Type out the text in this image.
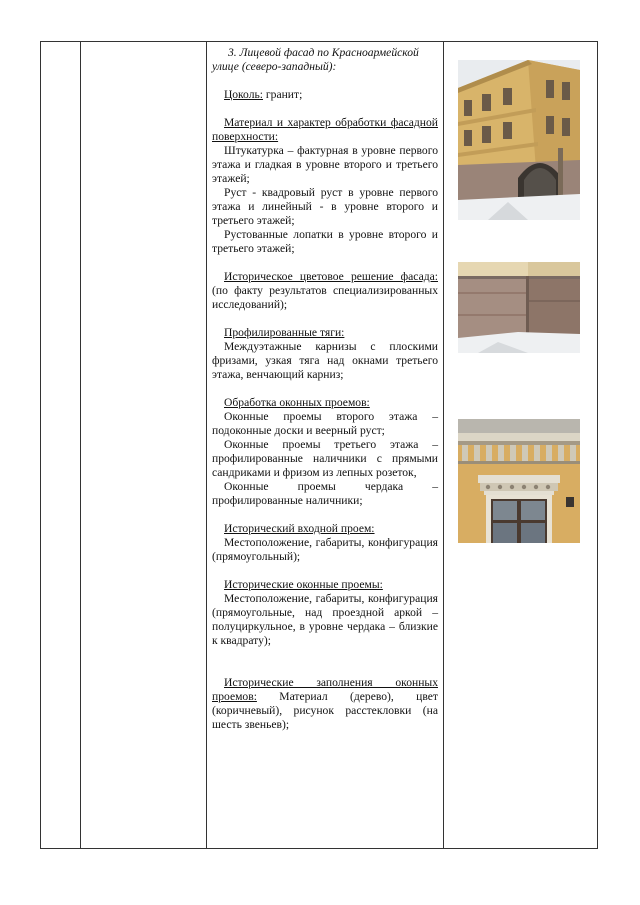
3. Лицевой фасад по Красноармейской улице (северо-западный):

Цоколь: гранит;

Материал и характер обработки фасадной поверхности:

Штукатурка – фактурная в уровне первого этажа и гладкая в уровне второго и третьего этажей;

Руст - квадровый руст в уровне первого этажа и линейный - в уровне второго и третьего этажей;

Рустованные лопатки в уровне второго и третьего этажей;

Историческое цветовое решение фасада: (по факту результатов специализированных исследований);

Профилированные тяги:

Междуэтажные карнизы с плоскими фризами, узкая тяга над окнами третьего этажа, венчающий карниз;

Обработка оконных проемов:

Оконные проемы второго этажа – подоконные доски и веерный руст;

Оконные проемы третьего этажа – профилированные наличники с прямыми сандриками и фризом из лепных розеток,

Оконные проемы чердака – профилированные наличники;

Исторический входной проем:

Местоположение, габариты, конфигурация (прямоугольный);

Исторические оконные проемы:

Местоположение, габариты, конфигурация (прямоугольные, над проездной аркой – полуциркульное, в уровне чердака – близкие к квадрату);

Исторические заполнения оконных проемов: Материал (дерево), цвет (коричневый), рисунок расстекловки (на шесть звеньев);
